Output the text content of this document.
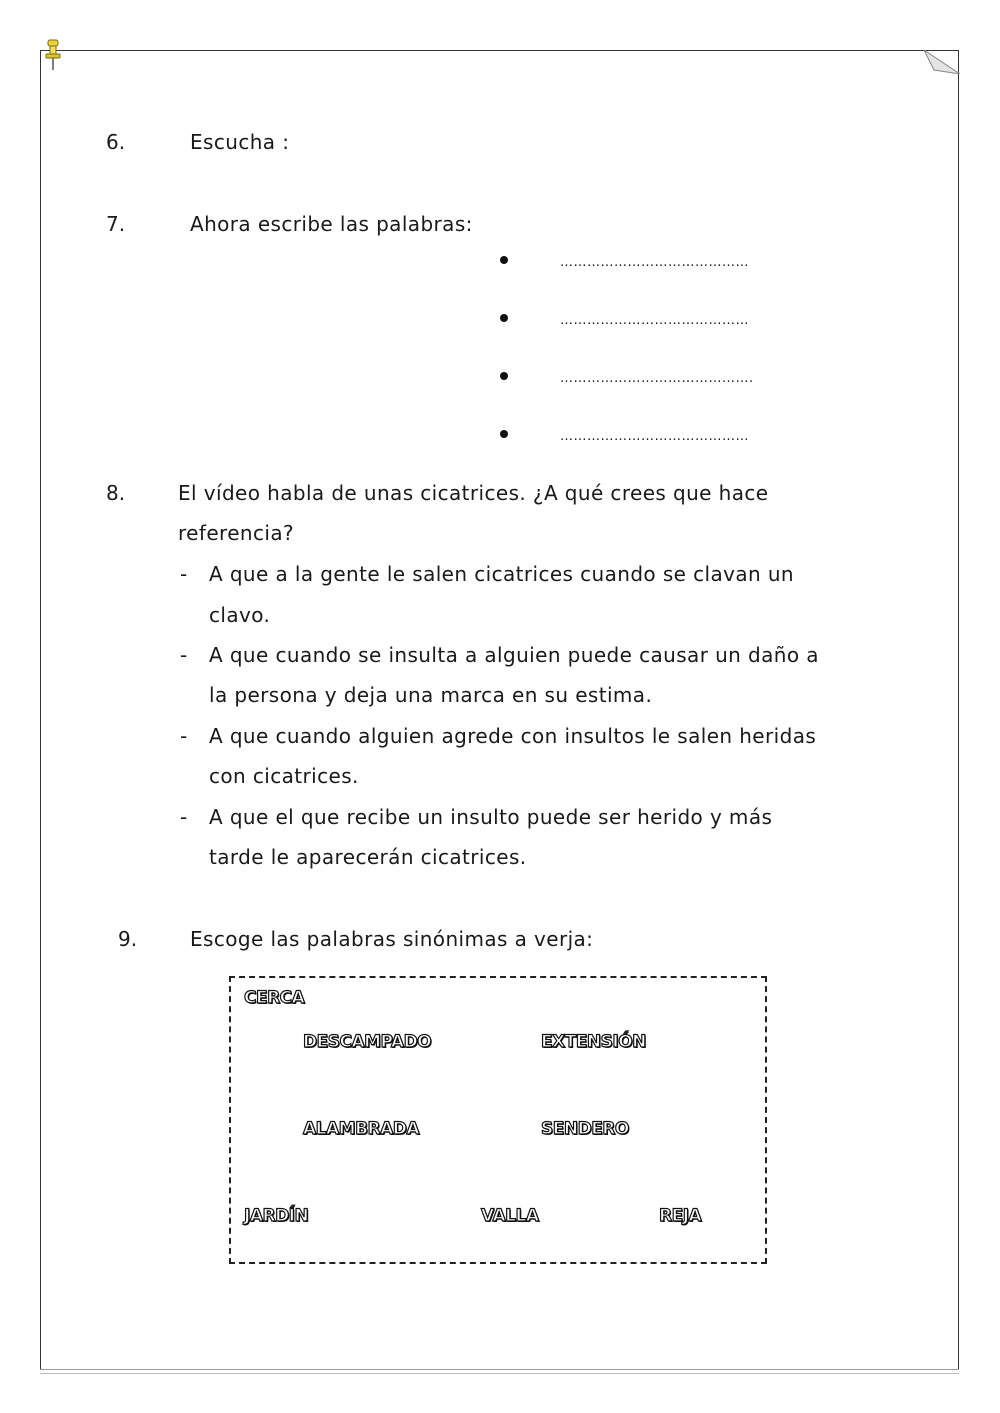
6.	Escucha :
7.	Ahora escribe las palabras:
……………………………………
……………………………………
…………………………………….
……………………………………
8.	El vídeo habla de unas cicatrices. ¿A qué crees que hace
referencia?
- A que a la gente le salen cicatrices cuando se clavan un
clavo.
- A que cuando se insulta a alguien puede causar un daño a
la persona y deja una marca en su estima.
- A que cuando alguien agrede con insultos le salen heridas
con cicatrices.
- A que el que recibe un insulto puede ser herido y más
tarde le aparecerán cicatrices.
9.	Escoge las palabras sinónimas a verja:
CERCA
DESCAMPADO	EXTENSIÓN
ALAMBRADA	SENDERO
JARDÍN	VALLA	REJA
